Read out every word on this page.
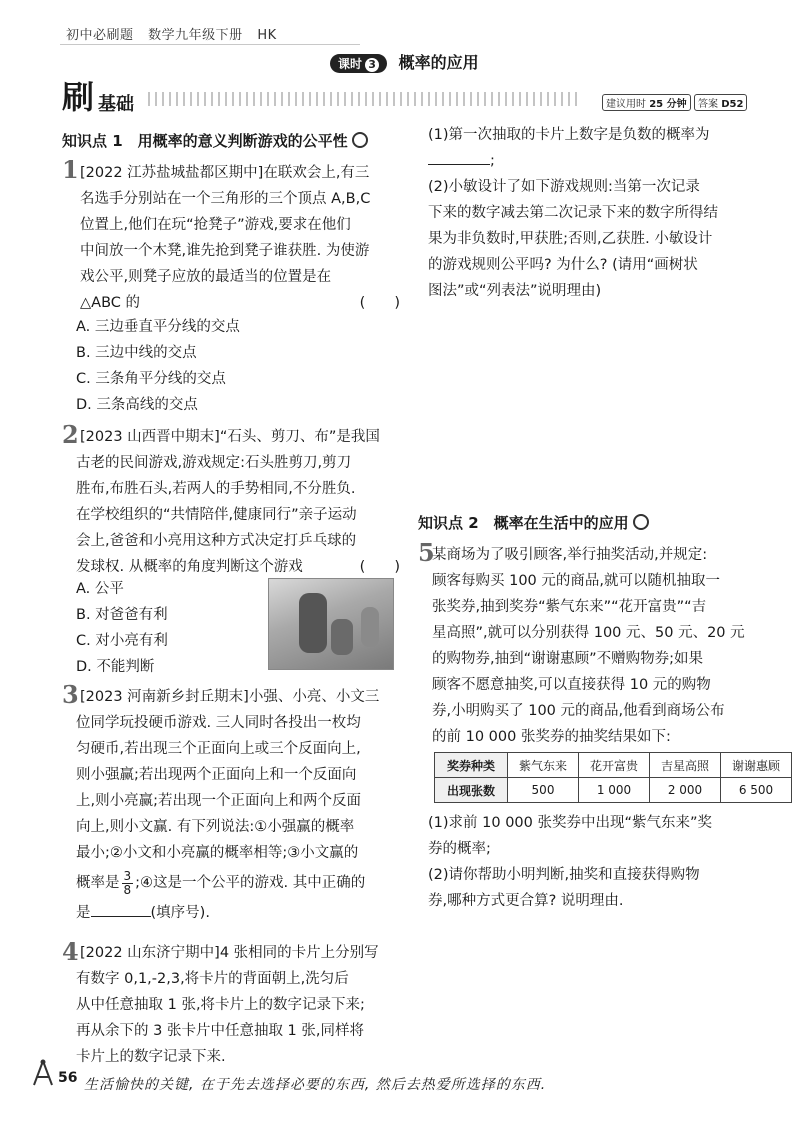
初中必刷题 数学九年级下册 HK
课时 3 概率的应用
刷 基础	建议用时 25 分钟	答案 D52
知识点 1　用概率的意义判断游戏的公平性
1 [2022 江苏盐城盐都区期中]在联欢会上,有三
名选手分别站在一个三角形的三个顶点 A,B,C
位置上,他们在玩“抢凳子”游戏,要求在他们
中间放一个木凳,谁先抢到凳子谁获胜. 为使游
戏公平,则凳子应放的最适当的位置是在
△ABC 的	(　　)
A. 三边垂直平分线的交点
B. 三边中线的交点
C. 三条角平分线的交点
D. 三条高线的交点
2 [2023 山西晋中期末]“石头、剪刀、布”是我国
古老的民间游戏,游戏规定:石头胜剪刀,剪刀
胜布,布胜石头,若两人的手势相同,不分胜负.
在学校组织的“共情陪伴,健康同行”亲子运动
会上,爸爸和小亮用这种方式决定打乒乓球的
发球权. 从概率的角度判断这个游戏	(　　)
A. 公平
B. 对爸爸有利
C. 对小亮有利
D. 不能判断
3 [2023 河南新乡封丘期末]小强、小亮、小文三
位同学玩投硬币游戏. 三人同时各投出一枚均
匀硬币,若出现三个正面向上或三个反面向上,
则小强赢;若出现两个正面向上和一个反面向
上,则小亮赢;若出现一个正面向上和两个反面
向上,则小文赢. 有下列说法:①小强赢的概率
最小;②小文和小亮赢的概率相等;③小文赢的
概率是 $\frac{3}{8}$ ;④这是一个公平的游戏. 其中正确的
是	(填序号).
4 [2022 山东济宁期中]4 张相同的卡片上分别写
有数字 0,1,-2,3,将卡片的背面朝上,洗匀后
从中任意抽取 1 张,将卡片上的数字记录下来;
再从余下的 3 张卡片中任意抽取 1 张,同样将
卡片上的数字记录下来.
(1)第一次抽取的卡片上数字是负数的概率为
;
(2)小敏设计了如下游戏规则:当第一次记录
下来的数字减去第二次记录下来的数字所得结
果为非负数时,甲获胜;否则,乙获胜. 小敏设计
的游戏规则公平吗? 为什么? (请用“画树状
图法”或“列表法”说明理由)
知识点 2　概率在生活中的应用
5
某商场为了吸引顾客,举行抽奖活动,并规定:
顾客每购买 100 元的商品,就可以随机抽取一
张奖券,抽到奖券“紫气东来”“花开富贵”“吉
星高照”,就可以分别获得 100 元、50 元、20 元
的购物券,抽到“谢谢惠顾”不赠购物券;如果
顾客不愿意抽奖,可以直接获得 10 元的购物
券,小明购买了 100 元的商品,他看到商场公布
的前 10 000 张奖券的抽奖结果如下:
奖券种类	紫气东来	花开富贵	吉星高照	谢谢惠顾
出现张数	500	1 000	2 000	6 500
(1)求前 10 000 张奖券中出现“紫气东来”奖
券的概率;
(2)请你帮助小明判断,抽奖和直接获得购物
券,哪种方式更合算? 说明理由.
56 生活愉快的关键, 在于先去选择必要的东西, 然后去热爱所选择的东西.
